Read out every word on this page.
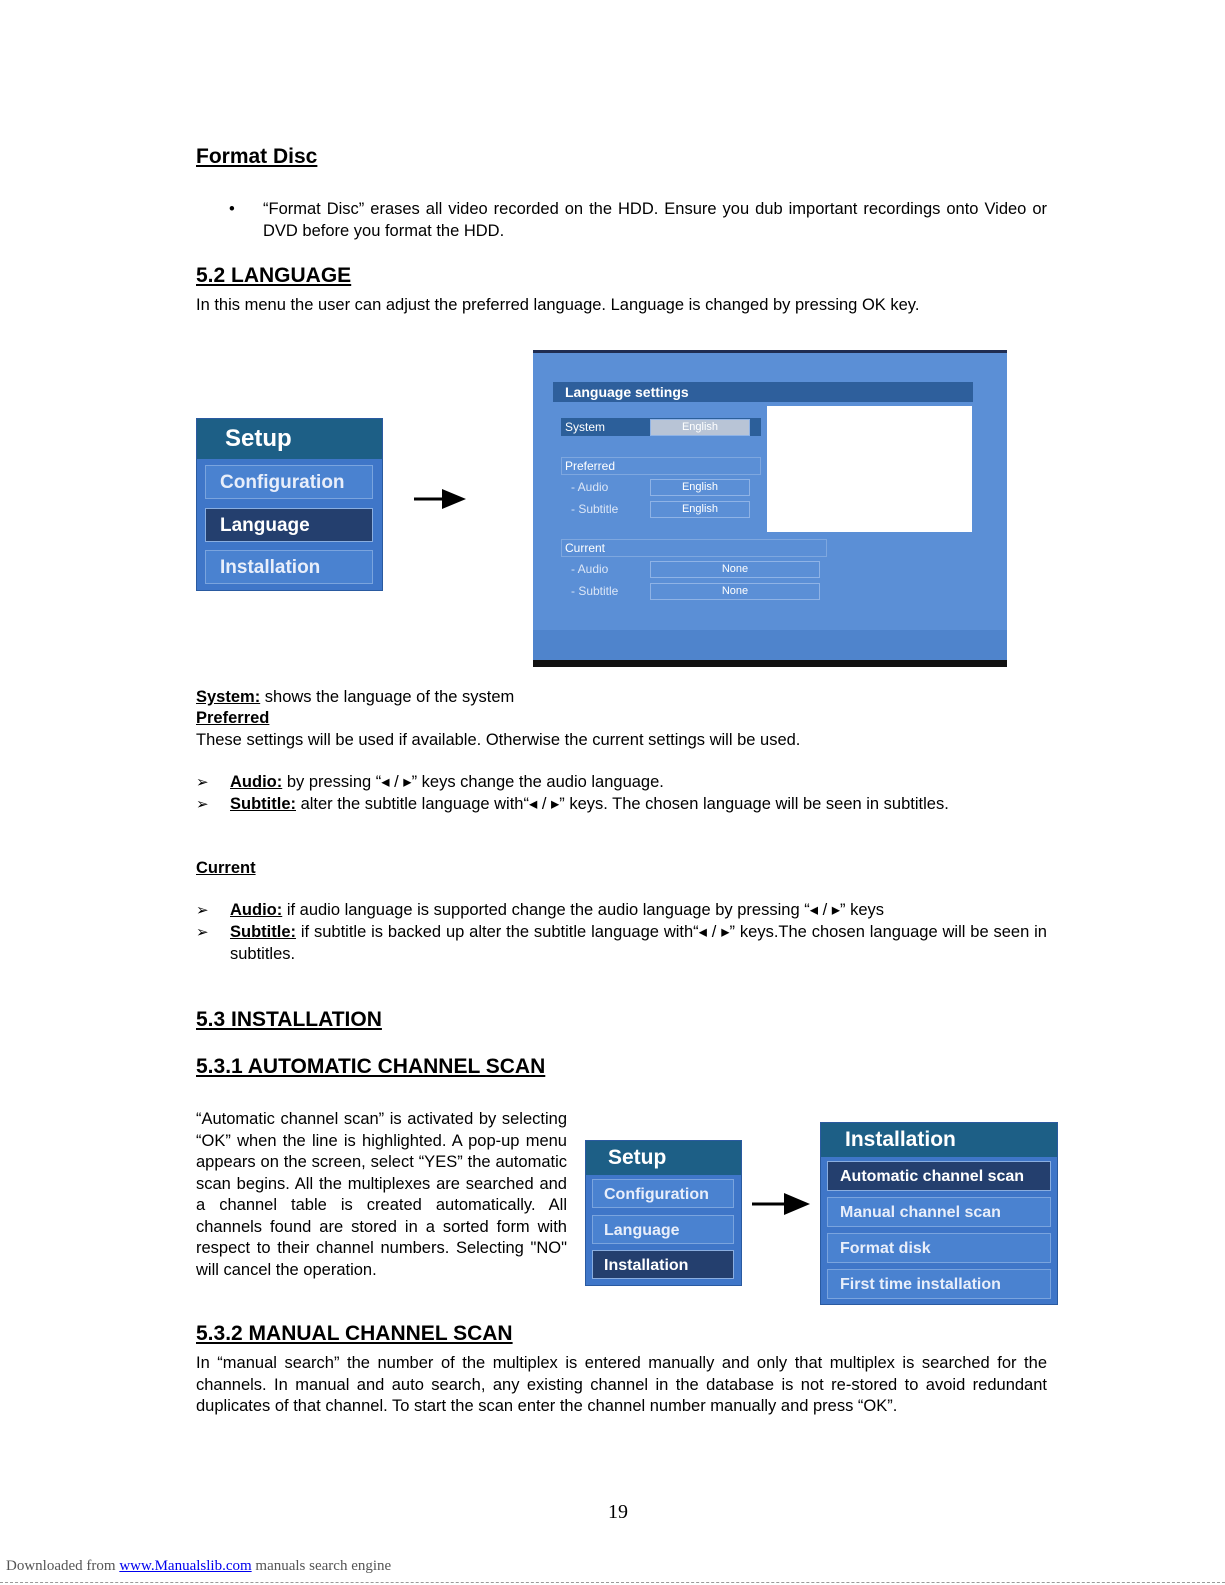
Format Disc
• “Format Disc” erases all video recorded on the HDD. Ensure you dub important recordings onto Video or DVD before you format the HDD.
5.2 LANGUAGE
In this menu the user can adjust the preferred language. Language is changed by pressing OK key.
Setup
Configuration
Language
Installation
Language settings
System	English
Preferred
- Audio	English
- Subtitle	English
Current
- Audio	None
- Subtitle	None
System: shows the language of the system
Preferred
These settings will be used if available. Otherwise the current settings will be used.
➢ Audio: by pressing “◂ / ▸” keys change the audio language.
➢ Subtitle: alter the subtitle language with“◂ / ▸” keys. The chosen language will be seen in subtitles.
Current
➢ Audio: if audio language is supported change the audio language by pressing “◂ / ▸” keys
➢ Subtitle: if subtitle is backed up alter the subtitle language with“◂ / ▸” keys.The chosen language will be seen in subtitles.
5.3 INSTALLATION
5.3.1 AUTOMATIC CHANNEL SCAN
“Automatic channel scan” is activated by selecting “OK” when the line is highlighted. A pop-up menu appears on the screen, select “YES” the automatic scan begins. All the multiplexes are searched and a channel table is created automatically. All channels found are stored in a sorted form with respect to their channel numbers. Selecting "NO" will cancel the operation.
Setup
Configuration
Language
Installation
Installation
Automatic channel scan
Manual channel scan
Format disk
First time installation
5.3.2 MANUAL CHANNEL SCAN
In “manual search” the number of the multiplex is entered manually and only that multiplex is searched for the channels. In manual and auto search, any existing channel in the database is not re-stored to avoid redundant duplicates of that channel. To start the scan enter the channel number manually and press “OK”.
19
Downloaded from www.Manualslib.com manuals search engine
